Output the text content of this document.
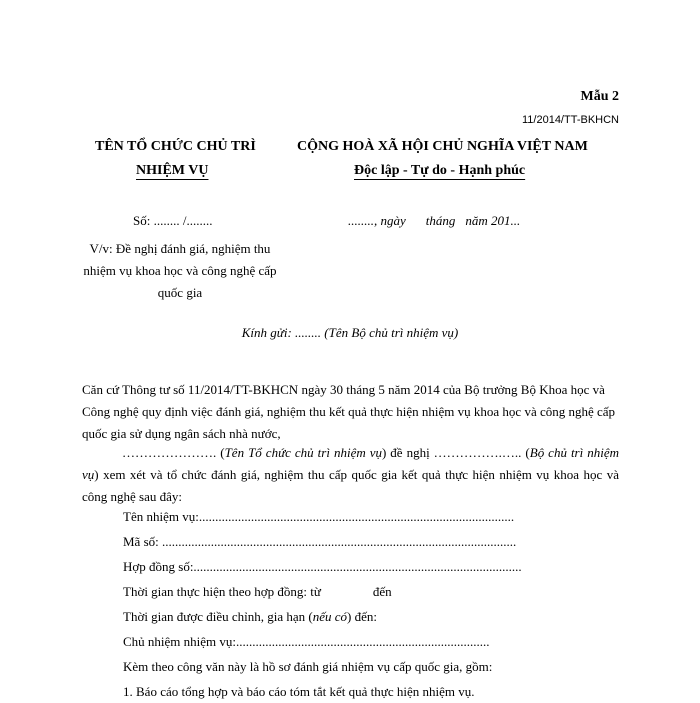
Mẫu 2
11/2014/TT-BKHCN
TÊN TỔ CHỨC CHỦ TRÌ
NHIỆM VỤ
CỘNG HOÀ XÃ HỘI CHỦ NGHĨA VIỆT NAM
Độc lập - Tự do - Hạnh phúc
Số: ........ /........	........, ngày tháng năm 201...
V/v: Đề nghị đánh giá, nghiệm thu nhiệm vụ khoa học và công nghệ cấp quốc gia
Kính gửi: ........ (Tên Bộ chủ trì nhiệm vụ)
Căn cứ Thông tư số 11/2014/TT-BKHCN ngày 30 tháng 5 năm 2014 của Bộ trưởng Bộ Khoa học và Công nghệ quy định việc đánh giá, nghiệm thu kết quả thực hiện nhiệm vụ khoa học và công nghệ cấp quốc gia sử dụng ngân sách nhà nước,
…………………. (Tên Tổ chức chủ trì nhiệm vụ) đề nghị …………….….. (Bộ chủ trì nhiệm vụ) xem xét và tổ chức đánh giá, nghiệm thu cấp quốc gia kết quả thực hiện nhiệm vụ khoa học và công nghệ sau đây:
Tên nhiệm vụ:.................................................................................................
Mã số: .............................................................................................................
Hợp đồng số:.....................................................................................................
Thời gian thực hiện theo hợp đồng: từ	đến
Thời gian được điều chỉnh, gia hạn (nếu có) đến:
Chủ nhiệm nhiệm vụ:..............................................................................
Kèm theo công văn này là hồ sơ đánh giá nhiệm vụ cấp quốc gia, gồm:
1. Báo cáo tổng hợp và báo cáo tóm tắt kết quả thực hiện nhiệm vụ.
